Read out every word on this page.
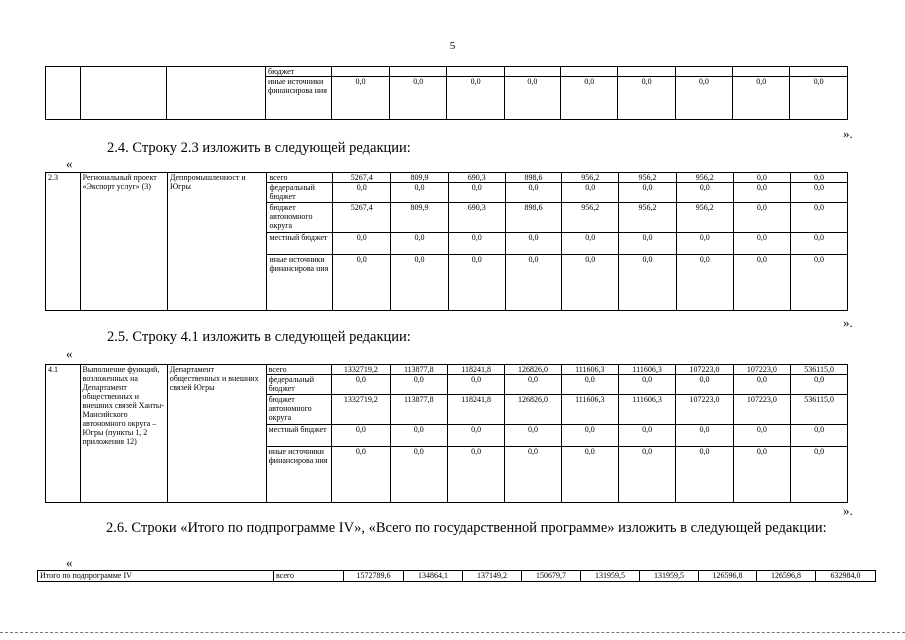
5
			бюджет									
			иные источники финансирова ния	0,0	0,0	0,0	0,0	0,0	0,0	0,0	0,0	0,0
».
2.4. Строку 2.3 изложить в следующей редакции:
«
2.3	Региональный проект «Экспорт услуг» (3)	Деппромышленност и Югры	всего	5267,4	809,9	690,3	898,6	956,2	956,2	956,2	0,0	0,0
			федеральный бюджет	0,0	0,0	0,0	0,0	0,0	0,0	0,0	0,0	0,0
			бюджет автономного округа	5267,4	809,9	690,3	898,6	956,2	956,2	956,2	0,0	0,0
			местный бюджет	0,0	0,0	0,0	0,0	0,0	0,0	0,0	0,0	0,0
			иные источники финансирова ния	0,0	0,0	0,0	0,0	0,0	0,0	0,0	0,0	0,0
».
2.5. Строку 4.1 изложить в следующей редакции:
«
4.1	Выполнение функций, возложенных на Департамент общественных и внешних связей Ханты-Мансийского автономного округа – Югры (пункты 1, 2 приложения 12)	Департамент общественных и внешних связей Югры	всего	1332719,2	113877,8	118241,8	126826,0	111606,3	111606,3	107223,0	107223,0	536115,0
			федеральный бюджет	0,0	0,0	0,0	0,0	0,0	0,0	0,0	0,0	0,0
			бюджет автономного округа	1332719,2	113877,8	118241,8	126826,0	111606,3	111606,3	107223,0	107223,0	536115,0
			местный бюджет	0,0	0,0	0,0	0,0	0,0	0,0	0,0	0,0	0,0
			иные источники финансирова ния	0,0	0,0	0,0	0,0	0,0	0,0	0,0	0,0	0,0
».
2.6. Строки «Итого по подпрограмме IV», «Всего по государственной программе» изложить в следующей редакции:
«
Итого по подпрограмме IV	всего	1572789,6	134864,1	137149,2	150679,7	131959,5	131959,5	126596,8	126596,8	632984,0
